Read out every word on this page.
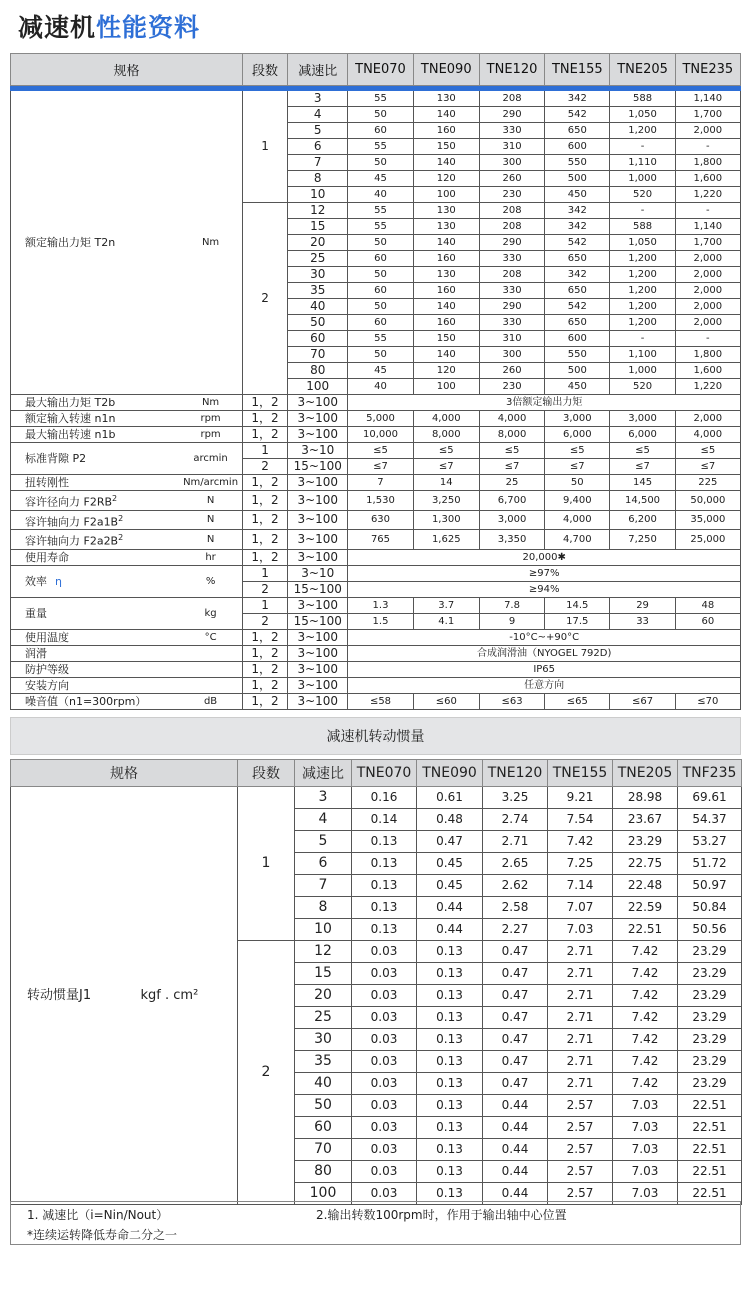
减速机性能资料
规格		段数	减速比	TNE070	TNE090	TNE120	TNE155	TNE205	TNE235

额定输出力矩 T2n	Nm	1	3	55	130	208	342	588	1,140
			4	50	140	290	542	1,050	1,700
			5	60	160	330	650	1,200	2,000
			6	55	150	310	600	-	-
			7	50	140	300	550	1,110	1,800
			8	45	120	260	500	1,000	1,600
			10	40	100	230	450	520	1,220
		2	12	55	130	208	342	-	-
			15	55	130	208	342	588	1,140
			20	50	140	290	542	1,050	1,700
			25	60	160	330	650	1,200	2,000
			30	50	130	208	342	1,200	2,000
			35	60	160	330	650	1,200	2,000
			40	50	140	290	542	1,200	2,000
			50	60	160	330	650	1,200	2,000
			60	55	150	310	600	-	-
			70	50	140	300	550	1,100	1,800
			80	45	120	260	500	1,000	1,600
			100	40	100	230	450	520	1,220
最大输出力矩 T2b	Nm	1，2	3~100	3倍额定输出力矩					
额定输入转速 n1n	rpm	1，2	3~100	5,000	4,000	4,000	3,000	3,000	2,000
最大输出转速 n1b	rpm	1，2	3~100	10,000	8,000	8,000	6,000	6,000	4,000
标准背隙 P2	arcmin	1	3~10	≤5	≤5	≤5	≤5	≤5	≤5
		2	15~100	≤7	≤7	≤7	≤7	≤7	≤7
扭转刚性	Nm/arcmin	1，2	3~100	7	14	25	50	145	225
容许径向力 $F2RB^2$	N	1，2	3~100	1,530	3,250	6,700	9,400	14,500	50,000
容许轴向力 $F2a1B^2$	N	1，2	3~100	630	1,300	3,000	4,000	6,200	35,000
容许轴向力 $F2a2B^2$	N	1，2	3~100	765	1,625	3,350	4,700	7,250	25,000
使用寿命	hr	1，2	3~100	20,000✱					
效率 η	%	1	3~10	≥97%					
		2	15~100	≥94%					
重量	kg	1	3~100	1.3	3.7	7.8	14.5	29	48
		2	15~100	1.5	4.1	9	17.5	33	60
使用温度	°C	1，2	3~100	-10°C~+90°C					
润滑		1，2	3~100	合成润滑油（NYOGEL 792D)					
防护等级		1，2	3~100	IP65					
安装方向		1，2	3~100	任意方向					
噪音值（n1=300rpm）	dB	1，2	3~100	≤58	≤60	≤63	≤65	≤67	≤70
减速机转动惯量
规格		段数	减速比	TNE070	TNE090	TNE120	TNE155	TNE205	TNF235
转动惯量J1	kgf . cm²	1	3	0.16	0.61	3.25	9.21	28.98	69.61
			4	0.14	0.48	2.74	7.54	23.67	54.37
			5	0.13	0.47	2.71	7.42	23.29	53.27
			6	0.13	0.45	2.65	7.25	22.75	51.72
			7	0.13	0.45	2.62	7.14	22.48	50.97
			8	0.13	0.44	2.58	7.07	22.59	50.84
			10	0.13	0.44	2.27	7.03	22.51	50.56
		2	12	0.03	0.13	0.47	2.71	7.42	23.29
			15	0.03	0.13	0.47	2.71	7.42	23.29
			20	0.03	0.13	0.47	2.71	7.42	23.29
			25	0.03	0.13	0.47	2.71	7.42	23.29
			30	0.03	0.13	0.47	2.71	7.42	23.29
			35	0.03	0.13	0.47	2.71	7.42	23.29
			40	0.03	0.13	0.47	2.71	7.42	23.29
			50	0.03	0.13	0.44	2.57	7.03	22.51
			60	0.03	0.13	0.44	2.57	7.03	22.51
			70	0.03	0.13	0.44	2.57	7.03	22.51
			80	0.03	0.13	0.44	2.57	7.03	22.51
			100	0.03	0.13	0.44	2.57	7.03	22.51
1. 减速比（i=Nin/Nout）	2.输出转数100rpm时，作用于输出轴中心位置
*连续运转降低寿命二分之一
